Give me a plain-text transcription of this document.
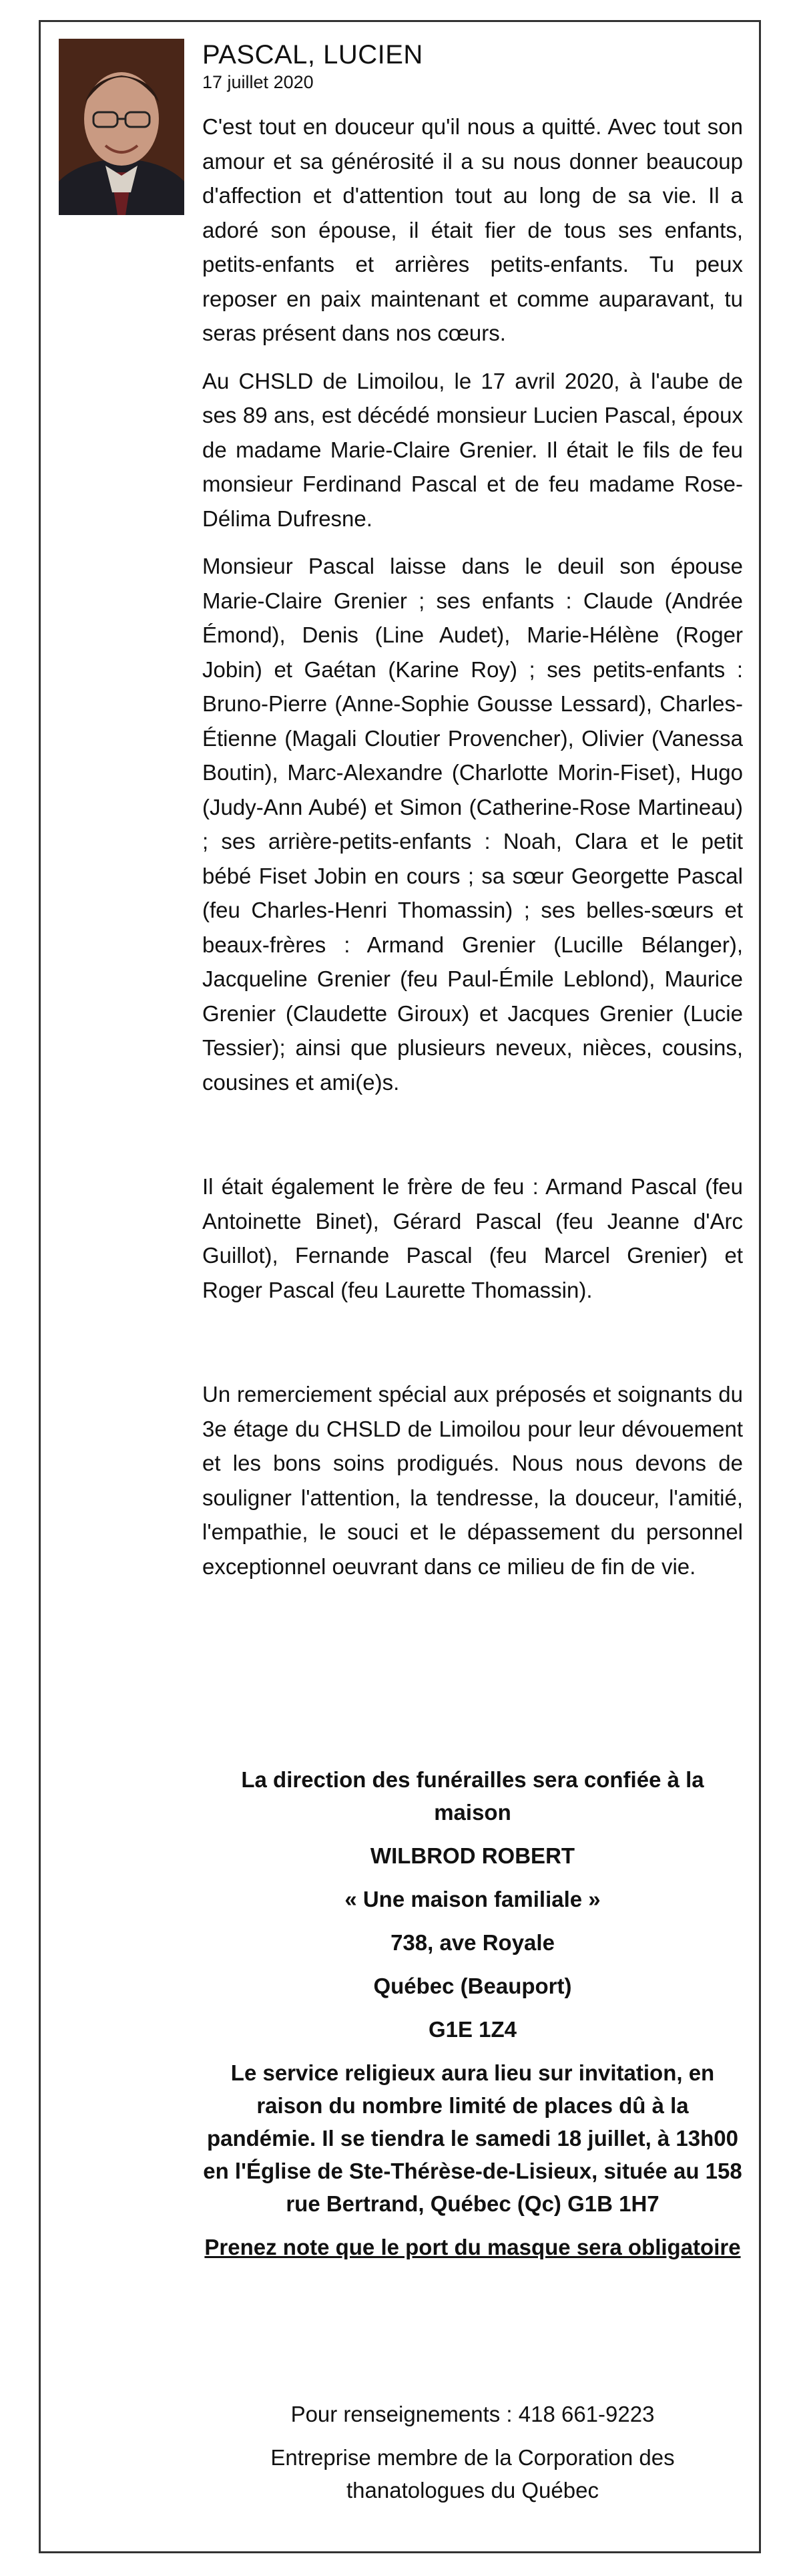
PASCAL, LUCIEN
17 juillet 2020

C'est tout en douceur qu'il nous a quitté. Avec tout son amour et sa générosité il a su nous donner beaucoup d'affection et d'attention tout au long de sa vie. Il a adoré son épouse, il était fier de tous ses enfants, petits-enfants et arrières petits-enfants. Tu peux reposer en paix maintenant et comme auparavant, tu seras présent dans nos cœurs.

Au CHSLD de Limoilou, le 17 avril 2020, à l'aube de ses 89 ans, est décédé monsieur Lucien Pascal, époux de madame Marie-Claire Grenier. Il était le fils de feu monsieur Ferdinand Pascal et de feu madame Rose-Délima Dufresne.

Monsieur Pascal laisse dans le deuil son épouse Marie-Claire Grenier ; ses enfants : Claude (Andrée Émond), Denis (Line Audet), Marie-Hélène (Roger Jobin) et Gaétan (Karine Roy) ; ses petits-enfants : Bruno-Pierre (Anne-Sophie Gousse Lessard), Charles-Étienne (Magali Cloutier Provencher), Olivier (Vanessa Boutin), Marc-Alexandre (Charlotte Morin-Fiset), Hugo (Judy-Ann Aubé) et Simon (Catherine-Rose Martineau) ; ses arrière-petits-enfants : Noah, Clara et le petit bébé Fiset Jobin en cours ; sa sœur Georgette Pascal (feu Charles-Henri Thomassin) ; ses belles-sœurs et beaux-frères : Armand Grenier (Lucille Bélanger), Jacqueline Grenier (feu Paul-Émile Leblond), Maurice Grenier (Claudette Giroux) et Jacques Grenier (Lucie Tessier); ainsi que plusieurs neveux, nièces, cousins, cousines et ami(e)s.

Il était également le frère de feu : Armand Pascal (feu Antoinette Binet), Gérard Pascal (feu Jeanne d'Arc Guillot), Fernande Pascal (feu Marcel Grenier) et Roger Pascal (feu Laurette Thomassin).

Un remerciement spécial aux préposés et soignants du 3e étage du CHSLD de Limoilou pour leur dévouement et les bons soins prodigués. Nous nous devons de souligner l'attention, la tendresse, la douceur, l'amitié, l'empathie, le souci et le dépassement du personnel exceptionnel oeuvrant dans ce milieu de fin de vie.

La direction des funérailles sera confiée à la maison

WILBROD ROBERT

« Une maison familiale »

738, ave Royale

Québec (Beauport)

G1E 1Z4

Le service religieux aura lieu sur invitation, en raison du nombre limité de places dû à la pandémie. Il se tiendra le samedi 18 juillet, à 13h00 en l'Église de Ste-Thérèse-de-Lisieux, située au 158 rue Bertrand, Québec (Qc) G1B 1H7

Prenez note que le port du masque sera obligatoire

Pour renseignements : 418 661-9223

Entreprise membre de la Corporation des thanatologues du Québec
